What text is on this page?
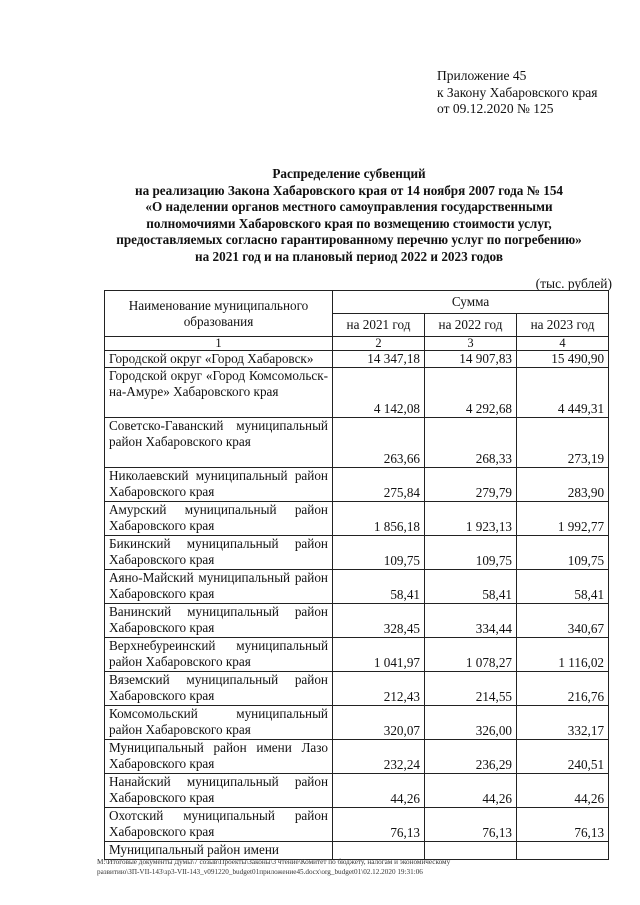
Приложение 45
к Закону Хабаровского края
от 09.12.2020 № 125
Распределение субвенций
на реализацию Закона Хабаровского края от 14 ноября 2007 года № 154
«О наделении органов местного самоуправления государственными
полномочиями Хабаровского края по возмещению стоимости услуг,
предоставляемых согласно гарантированному перечню услуг по погребению»
на 2021 год и на плановый период 2022 и 2023 годов
(тыс. рублей)
Наименование муниципального образования	Сумма		
	на 2021 год	на 2022 год	на 2023 год
1	2	3	4
Городской округ «Город Хабаровск»	14 347,18	14 907,83	15 490,90
Городской округ «Город Комсомольск-на-Амуре» Хабаровского края	4 142,08	4 292,68	4 449,31
Советско-Гаванский муниципальный район Хабаровского края	263,66	268,33	273,19
Николаевский муниципальный район Хабаровского края	275,84	279,79	283,90
Амурский муниципальный район Хабаровского края	1 856,18	1 923,13	1 992,77
Бикинский муниципальный район Хабаровского края	109,75	109,75	109,75
Аяно-Майский муниципальный район Хабаровского края	58,41	58,41	58,41
Ванинский муниципальный район Хабаровского края	328,45	334,44	340,67
Верхнебуреинский муниципальный район Хабаровского края	1 041,97	1 078,27	1 116,02
Вяземский муниципальный район Хабаровского края	212,43	214,55	216,76
Комсомольский муниципальный район Хабаровского края	320,07	326,00	332,17
Муниципальный район имени Лазо Хабаровского края	232,24	236,29	240,51
Нанайский муниципальный район Хабаровского края	44,26	44,26	44,26
Охотский муниципальный район Хабаровского края	76,13	76,13	76,13
Муниципальный район имени			
M:\Итоговые документы Думы\7 созыв\Проекты\Законы\3 чтение\Комитет по бюджету, налогам и экономическому
развитию\ЗП-VII-143\зр3-VII-143_v091220_budget01приложение45.docx\org_budget01\02.12.2020 19:31:06
